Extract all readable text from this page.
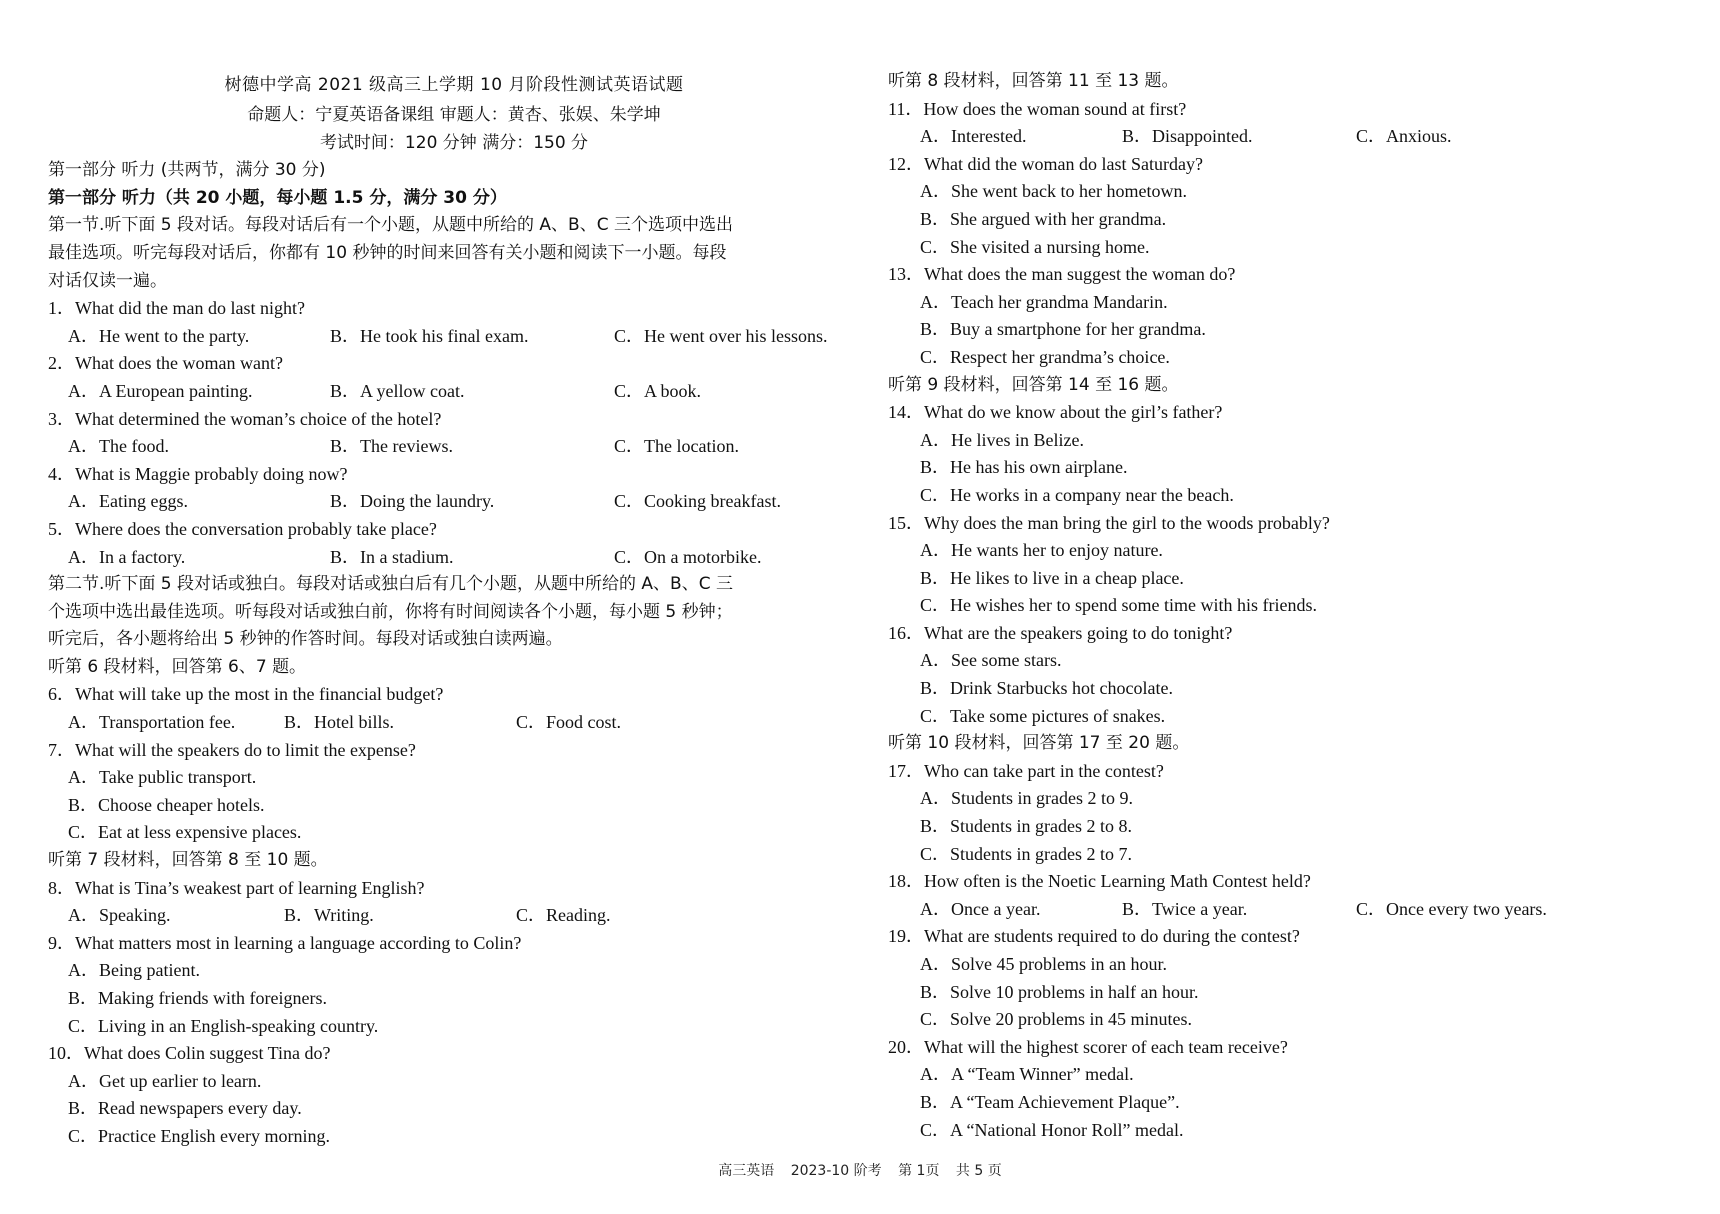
树德中学高 2021 级高三上学期 10 月阶段性测试英语试题
命题人：宁夏英语备课组 审题人：黄杏、张娱、朱学坤
考试时间：120 分钟 满分：150 分
第一部分 听力 (共两节，满分 30 分)
第一部分 听力（共 20 小题，每小题 1.5 分，满分 30 分）
第一节.听下面 5 段对话。每段对话后有一个小题，从题中所给的 A、B、C 三个选项中选出
最佳选项。听完每段对话后，你都有 10 秒钟的时间来回答有关小题和阅读下一小题。每段
对话仅读一遍。
1．What did the man do last night?
A．He went to the party.	B．He took his final exam.	C．He went over his lessons.
2．What does the woman want?
A．A European painting.	B．A yellow coat.	C．A book.
3．What determined the woman’s choice of the hotel?
A．The food.	B．The reviews.	C．The location.
4．What is Maggie probably doing now?
A．Eating eggs.	B．Doing the laundry.	C．Cooking breakfast.
5．Where does the conversation probably take place?
A．In a factory.	B．In a stadium.	C．On a motorbike.
第二节.听下面 5 段对话或独白。每段对话或独白后有几个小题，从题中所给的 A、B、C 三
个选项中选出最佳选项。听每段对话或独白前，你将有时间阅读各个小题，每小题 5 秒钟；
听完后，各小题将给出 5 秒钟的作答时间。每段对话或独白读两遍。
听第 6 段材料，回答第 6、7 题。
6．What will take up the most in the financial budget?
A．Transportation fee.	B．Hotel bills.	C．Food cost.
7．What will the speakers do to limit the expense?
A．Take public transport.
B．Choose cheaper hotels.
C．Eat at less expensive places.
听第 7 段材料，回答第 8 至 10 题。
8．What is Tina’s weakest part of learning English?
A．Speaking.	B．Writing.	C．Reading.
9．What matters most in learning a language according to Colin?
A．Being patient.
B．Making friends with foreigners.
C．Living in an English-speaking country.
10．What does Colin suggest Tina do?
A．Get up earlier to learn.
B．Read newspapers every day.
C．Practice English every morning.
听第 8 段材料，回答第 11 至 13 题。
11．How does the woman sound at first?
A．Interested.	B．Disappointed.	C．Anxious.
12．What did the woman do last Saturday?
A．She went back to her hometown.
B．She argued with her grandma.
C．She visited a nursing home.
13．What does the man suggest the woman do?
A．Teach her grandma Mandarin.
B．Buy a smartphone for her grandma.
C．Respect her grandma’s choice.
听第 9 段材料，回答第 14 至 16 题。
14．What do we know about the girl’s father?
A．He lives in Belize.
B．He has his own airplane.
C．He works in a company near the beach.
15．Why does the man bring the girl to the woods probably?
A．He wants her to enjoy nature.
B．He likes to live in a cheap place.
C．He wishes her to spend some time with his friends.
16．What are the speakers going to do tonight?
A．See some stars.
B．Drink Starbucks hot chocolate.
C．Take some pictures of snakes.
听第 10 段材料，回答第 17 至 20 题。
17．Who can take part in the contest?
A．Students in grades 2 to 9.
B．Students in grades 2 to 8.
C．Students in grades 2 to 7.
18．How often is the Noetic Learning Math Contest held?
A．Once a year.	B．Twice a year.	C．Once every two years.
19．What are students required to do during the contest?
A．Solve 45 problems in an hour.
B．Solve 10 problems in half an hour.
C．Solve 20 problems in 45 minutes.
20．What will the highest scorer of each team receive?
A．A “Team Winner” medal.
B．A “Team Achievement Plaque”.
C．A “National Honor Roll” medal.
高三英语 2023-10 阶考 第 1页 共 5 页
